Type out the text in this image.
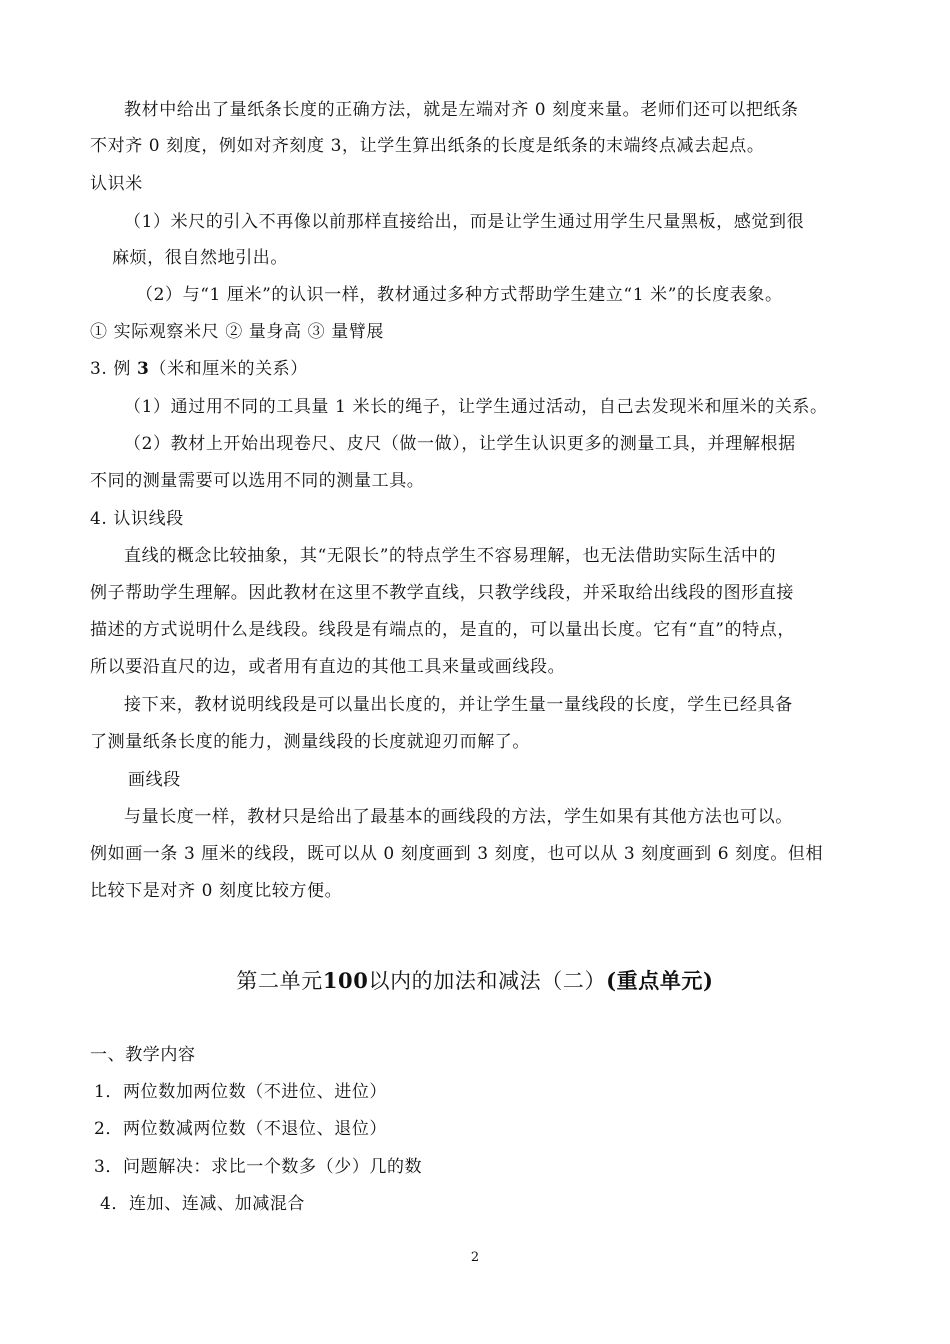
教材中给出了量纸条长度的正确方法，就是左端对齐 0 刻度来量。老师们还可以把纸条
不对齐 0 刻度，例如对齐刻度 3，让学生算出纸条的长度是纸条的末端终点减去起点。
认识米
（1）米尺的引入不再像以前那样直接给出，而是让学生通过用学生尺量黑板，感觉到很
麻烦，很自然地引出。
（2）与“1 厘米”的认识一样，教材通过多种方式帮助学生建立“1 米”的长度表象。
① 实际观察米尺 ② 量身高 ③ 量臂展
3. 例 3（米和厘米的关系）
（1）通过用不同的工具量 1 米长的绳子，让学生通过活动，自己去发现米和厘米的关系。
（2）教材上开始出现卷尺、皮尺（做一做），让学生认识更多的测量工具，并理解根据
不同的测量需要可以选用不同的测量工具。
4. 认识线段
直线的概念比较抽象，其“无限长”的特点学生不容易理解，也无法借助实际生活中的
例子帮助学生理解。因此教材在这里不教学直线，只教学线段，并采取给出线段的图形直接
描述的方式说明什么是线段。线段是有端点的，是直的，可以量出长度。它有“直”的特点，
所以要沿直尺的边，或者用有直边的其他工具来量或画线段。
接下来，教材说明线段是可以量出长度的，并让学生量一量线段的长度，学生已经具备
了测量纸条长度的能力，测量线段的长度就迎刃而解了。
画线段
与量长度一样，教材只是给出了最基本的画线段的方法，学生如果有其他方法也可以。
例如画一条 3 厘米的线段，既可以从 0 刻度画到 3 刻度，也可以从 3 刻度画到 6 刻度。但相
比较下是对齐 0 刻度比较方便。
第二单元100以内的加法和减法（二）(重点单元)
一、教学内容
1．两位数加两位数（不进位、进位）
2．两位数减两位数（不退位、退位）
3．问题解决：求比一个数多（少）几的数
4．连加、连减、加减混合
2
